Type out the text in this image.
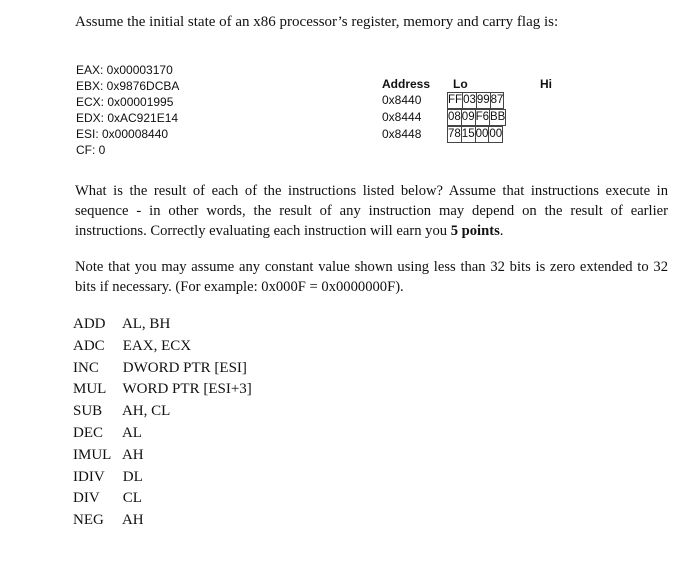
Assume the initial state of an x86 processor’s register, memory and carry flag is:
EAX: 0x00003170
EBX: 0x9876DCBA
ECX: 0x00001995
EDX: 0xAC921E14
ESI: 0x00008440
CF: 0
Address Lo	Hi
0x8440 FF	03	99	87
0x8444 08	09	F6	BB
0x8448 78	15	00	00
What is the result of each of the instructions listed below? Assume that instructions execute in sequence - in other words, the result of any instruction may depend on the result of earlier instructions. Correctly evaluating each instruction will earn you 5 points.
Note that you may assume any constant value shown using less than 32 bits is zero extended to 32 bits if necessary. (For example: 0x000F = 0x0000000F).
ADD AL, BH
ADC EAX, ECX
INC DWORD PTR [ESI]
MUL WORD PTR [ESI+3]
SUB AH, CL
DEC AL
IMUL AH
IDIV DL
DIV CL
NEG AH
